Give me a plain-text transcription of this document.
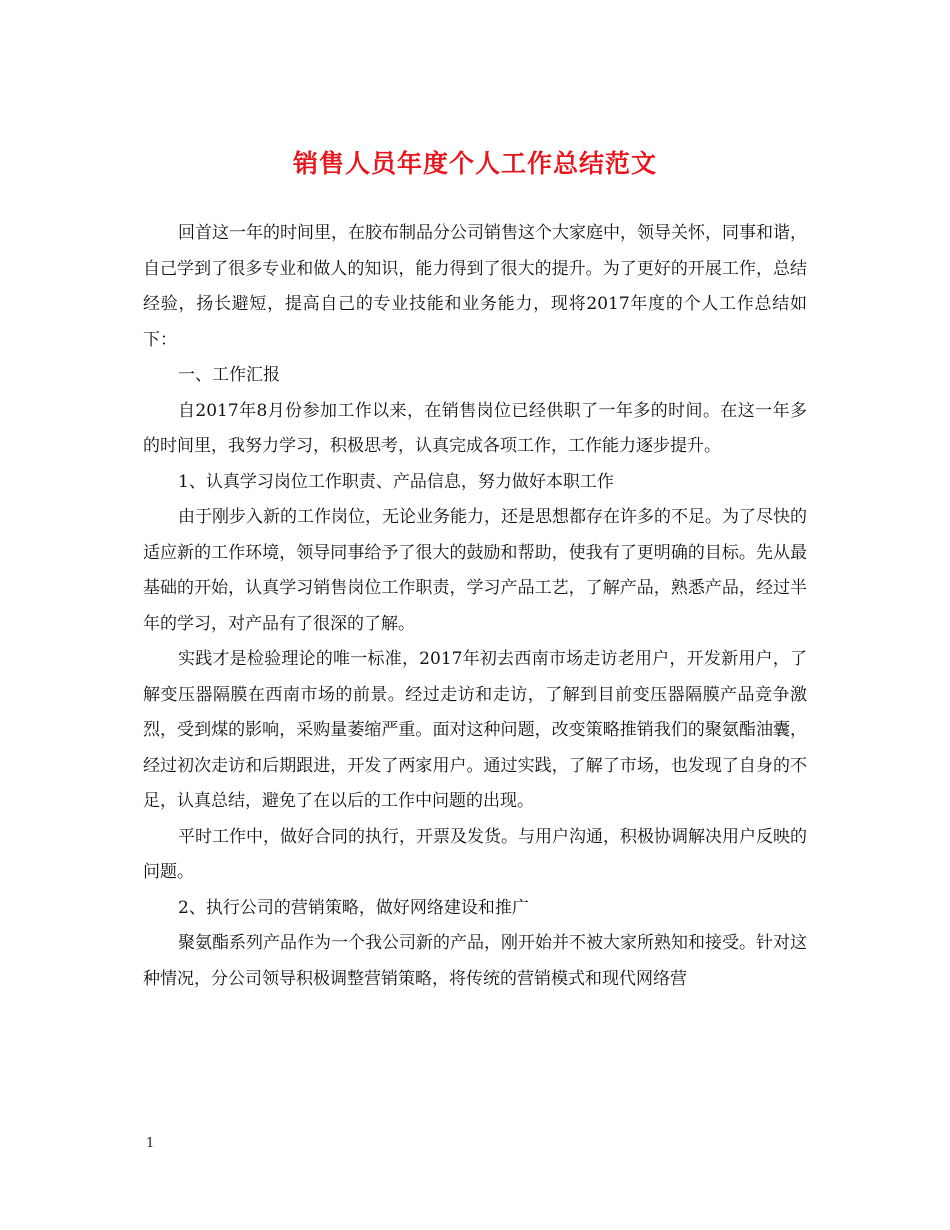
销售人员年度个人工作总结范文

回首这一年的时间里，在胶布制品分公司销售这个大家庭中，领导关怀，同事和谐，自己学到了很多专业和做人的知识，能力得到了很大的提升。为了更好的开展工作，总结经验，扬长避短，提高自己的专业技能和业务能力，现将2017年度的个人工作总结如下：

一、工作汇报

自2017年8月份参加工作以来，在销售岗位已经供职了一年多的时间。在这一年多的时间里，我努力学习，积极思考，认真完成各项工作，工作能力逐步提升。

1、认真学习岗位工作职责、产品信息，努力做好本职工作

由于刚步入新的工作岗位，无论业务能力，还是思想都存在许多的不足。为了尽快的适应新的工作环境，领导同事给予了很大的鼓励和帮助，使我有了更明确的目标。先从最基础的开始，认真学习销售岗位工作职责，学习产品工艺，了解产品，熟悉产品，经过半年的学习，对产品有了很深的了解。

实践才是检验理论的唯一标准，2017年初去西南市场走访老用户，开发新用户，了解变压器隔膜在西南市场的前景。经过走访和走访，了解到目前变压器隔膜产品竞争激烈，受到煤的影响，采购量萎缩严重。面对这种问题，改变策略推销我们的聚氨酯油囊，经过初次走访和后期跟进，开发了两家用户。通过实践，了解了市场，也发现了自身的不足，认真总结，避免了在以后的工作中问题的出现。

平时工作中，做好合同的执行，开票及发货。与用户沟通，积极协调解决用户反映的问题。

2、执行公司的营销策略，做好网络建设和推广

聚氨酯系列产品作为一个我公司新的产品，刚开始并不被大家所熟知和接受。针对这种情况，分公司领导积极调整营销策略，将传统的营销模式和现代网络营

1
